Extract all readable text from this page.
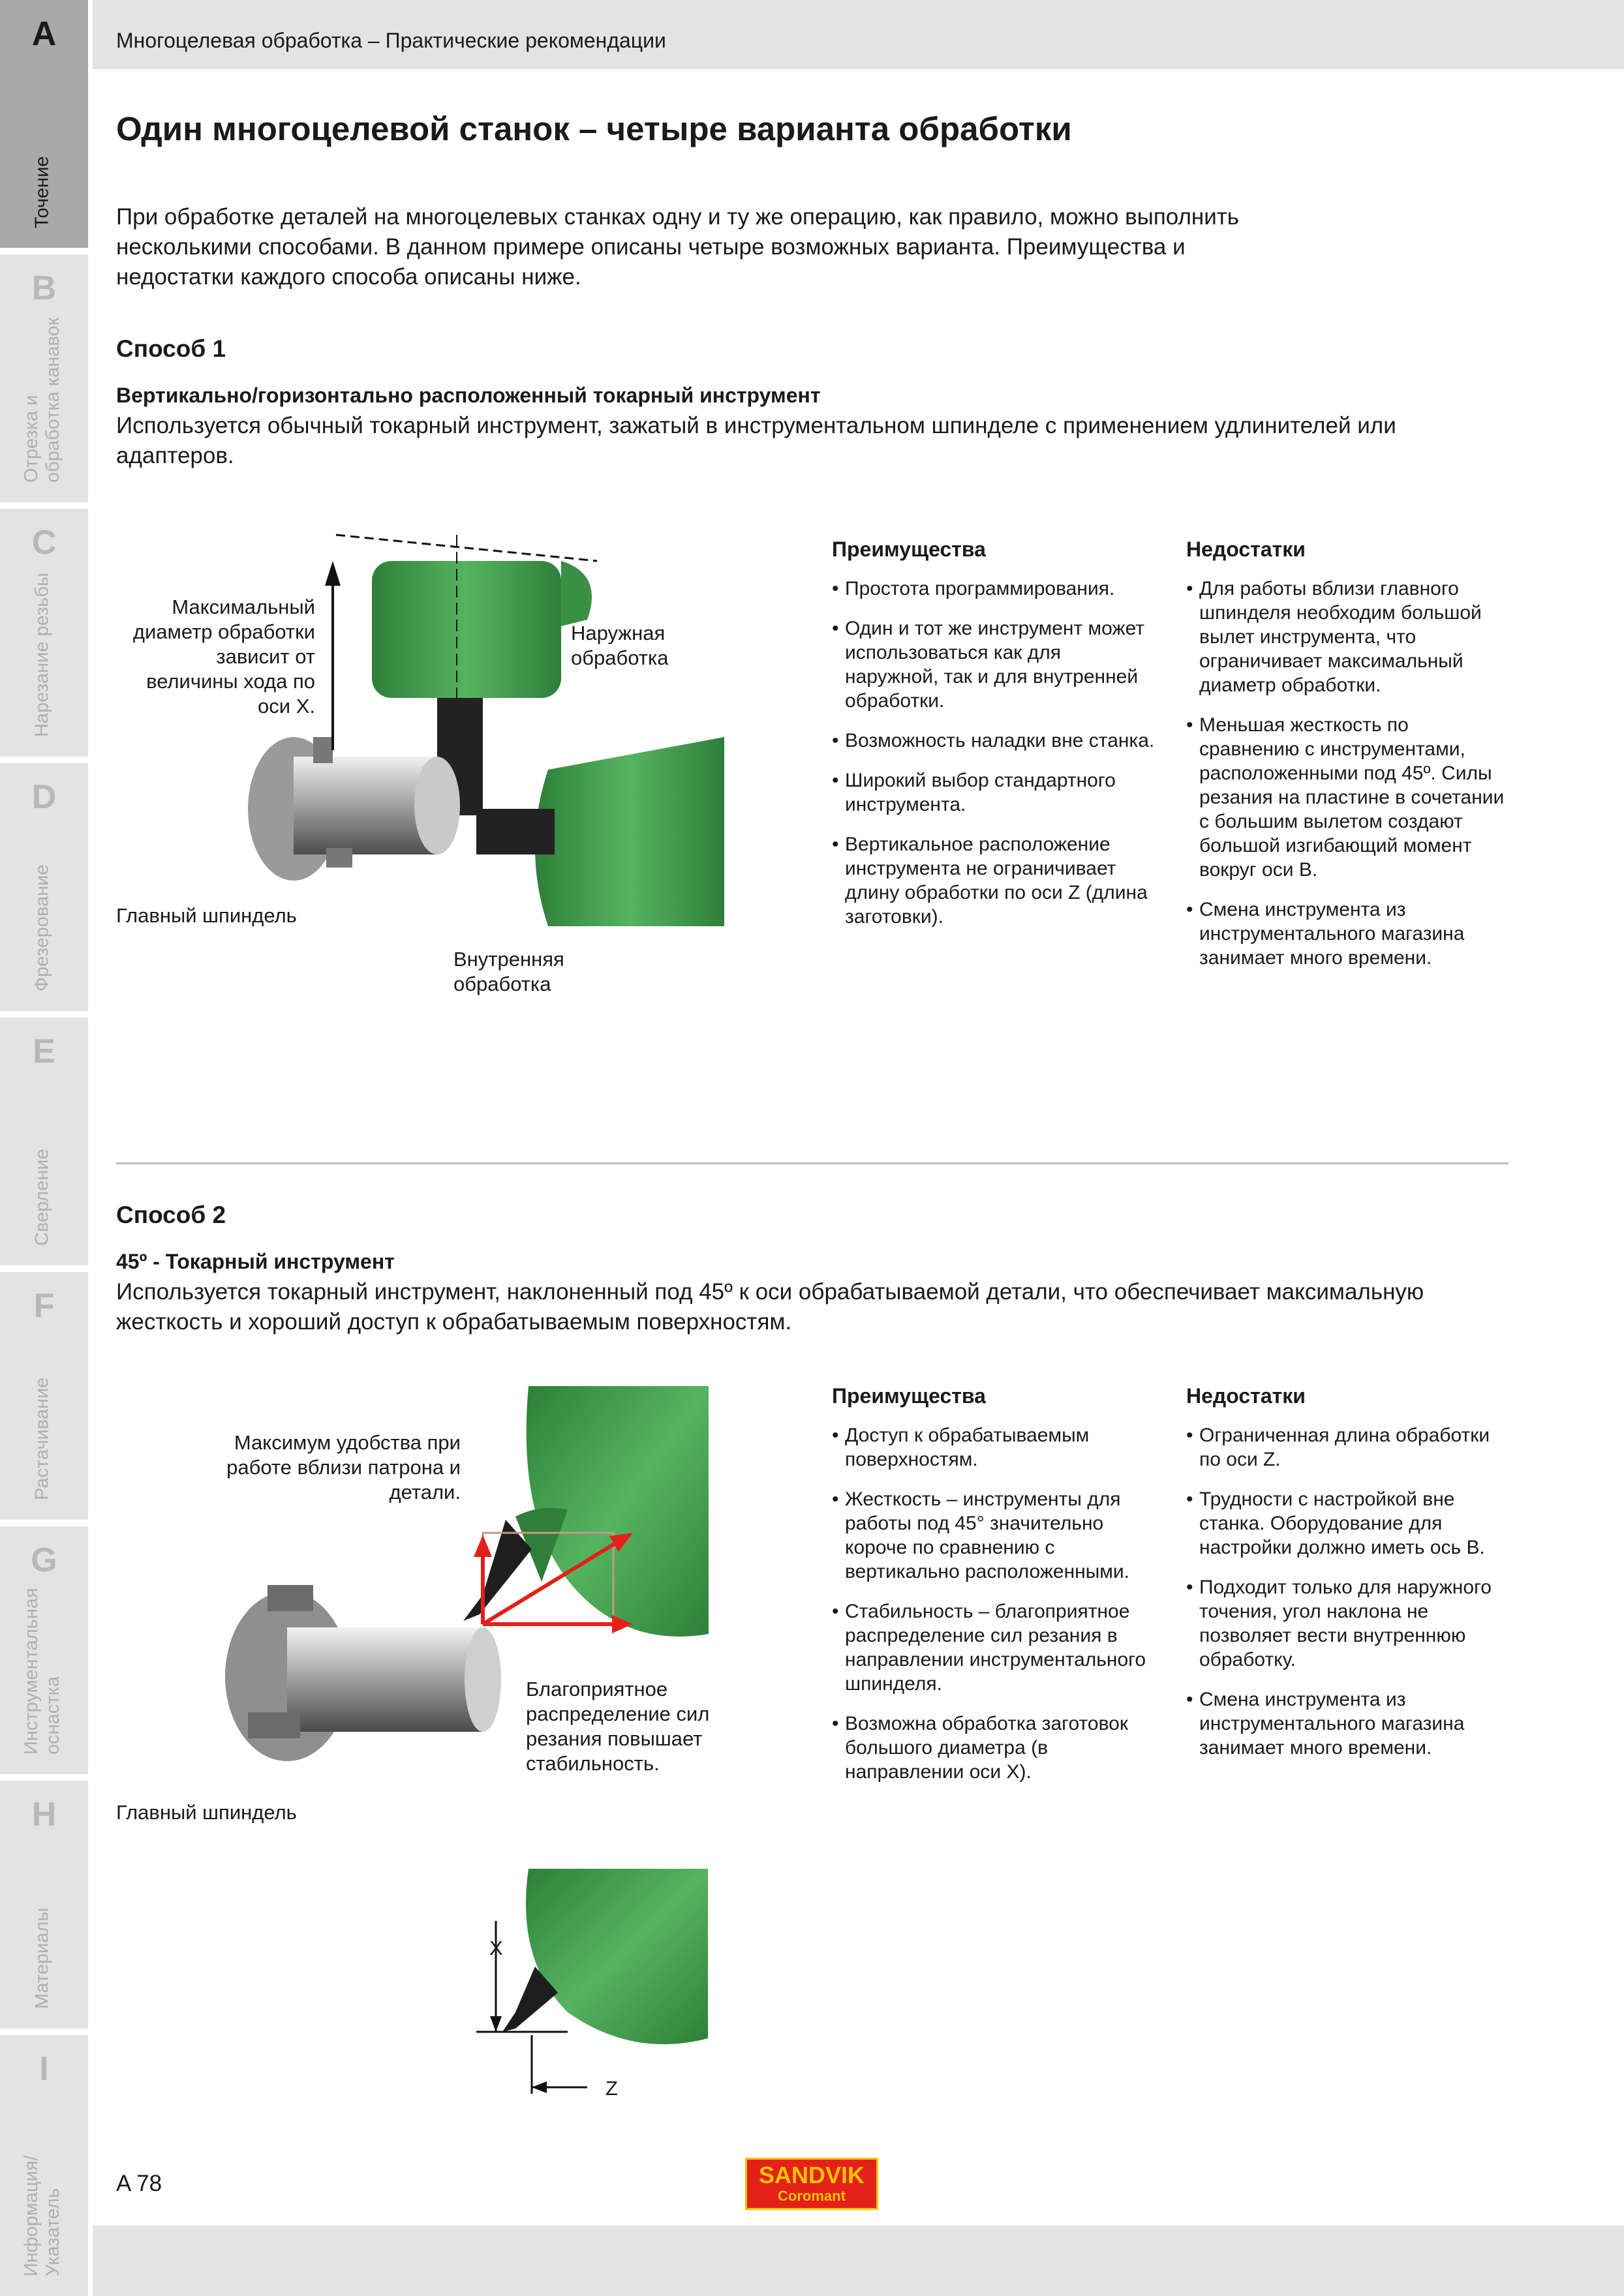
A
Точение
B
Отрезка и
обработка канавок
C
Нарезание резьбы
D
Фрезерование
E
Сверление
F
Растачивание
G
Инструментальная
оснастка
H
Материалы
I
Информация/
Указатель
Многоцелевая обработка – Практические рекомендации
Один многоцелевой станок – четыре варианта обработки
При обработке деталей на многоцелевых станках одну и ту же операцию, как правило, можно выполнить несколькими способами. В данном примере описаны четыре возможных варианта. Преимущества и недостатки каждого способа описаны ниже.
Способ 1
Вертикально/горизонтально расположенный токарный инструмент
Используется обычный токарный инструмент, зажатый в инструментальном шпинделе с применением удлинителей или адаптеров.
Максимальный
диаметр обработки
зависит от
величины хода по
оси X.
Наружная
обработка
Главный шпиндель
Внутренняя
обработка
Преимущества
• Простота программирования.
• Один и тот же инструмент может использоваться как для наружной, так и для внутренней обработки.
• Возможность наладки вне станка.
• Широкий выбор стандартного инструмента.
• Вертикальное расположение инструмента не ограничивает длину обработки по оси Z (длина заготовки).
Недостатки
• Для работы вблизи главного шпинделя необходим большой вылет инструмента, что ограничивает максимальный диаметр обработки.
• Меньшая жесткость по сравнению с инструментами, расположенными под 45º. Силы резания на пластине в сочетании с большим вылетом создают большой изгибающий момент вокруг оси B.
• Смена инструмента из инструментального магазина занимает много времени.
Способ 2
45º - Токарный инструмент
Используется токарный инструмент, наклоненный под 45º к оси обрабатываемой детали, что обеспечивает максимальную жесткость и хороший доступ к обрабатываемым поверхностям.
Максимум удобства при
работе вблизи патрона и
детали.
Благоприятное
распределение сил
резания повышает
стабильность.
Главный шпиндель
X
Z
Преимущества
• Доступ к обрабатываемым поверхностям.
• Жесткость – инструменты для работы под 45° значительно короче по сравнению с вертикально расположенными.
• Стабильность – благоприятное распределение сил резания в направлении инструментального шпинделя.
• Возможна обработка заготовок большого диаметра (в направлении оси X).
Недостатки
• Ограниченная длина обработки по оси Z.
• Трудности с настройкой вне станка. Оборудование для настройки должно иметь ось B.
• Подходит только для наружного точения, угол наклона не позволяет вести внутреннюю обработку.
• Смена инструмента из инструментального магазина занимает много времени.
A 78	SANDVIK
Coromant
